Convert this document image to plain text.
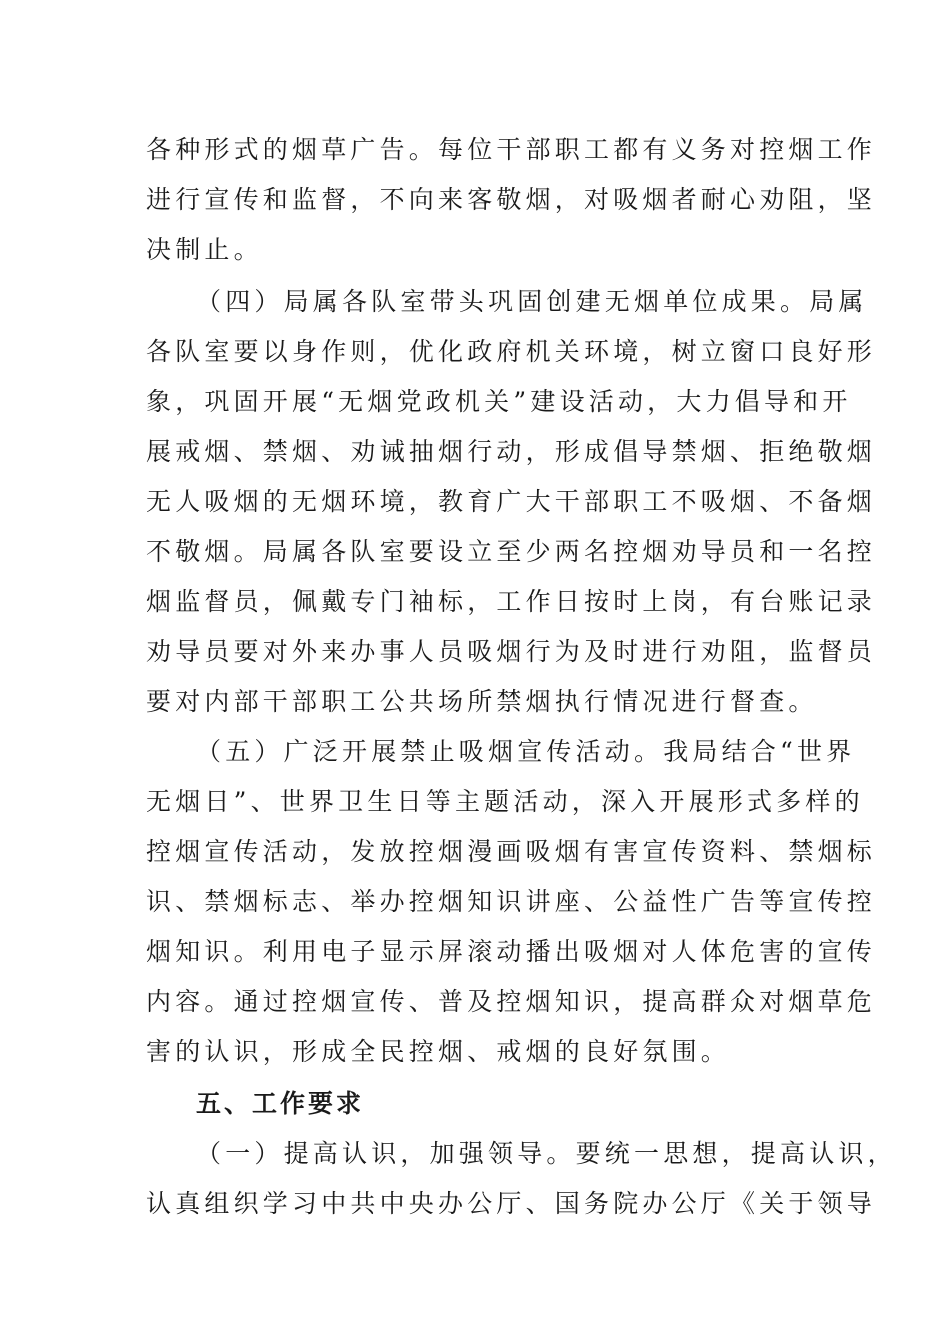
各种形式的烟草广告。每位干部职工都有义务对控烟工作
进行宣传和监督，不向来客敬烟，对吸烟者耐心劝阻，坚
决制止。
（四）局属各队室带头巩固创建无烟单位成果。局属
各队室要以身作则，优化政府机关环境，树立窗口良好形
象，巩固开展“无烟党政机关”建设活动，大力倡导和开
展戒烟、禁烟、劝诫抽烟行动，形成倡导禁烟、拒绝敬烟
无人吸烟的无烟环境，教育广大干部职工不吸烟、不备烟
不敬烟。局属各队室要设立至少两名控烟劝导员和一名控
烟监督员，佩戴专门袖标，工作日按时上岗，有台账记录
劝导员要对外来办事人员吸烟行为及时进行劝阻，监督员
要对内部干部职工公共场所禁烟执行情况进行督查。
（五）广泛开展禁止吸烟宣传活动。我局结合“世界
无烟日”、世界卫生日等主题活动，深入开展形式多样的
控烟宣传活动，发放控烟漫画吸烟有害宣传资料、禁烟标
识、禁烟标志、举办控烟知识讲座、公益性广告等宣传控
烟知识。利用电子显示屏滚动播出吸烟对人体危害的宣传
内容。通过控烟宣传、普及控烟知识，提高群众对烟草危
害的认识，形成全民控烟、戒烟的良好氛围。
五、工作要求
（一）提高认识，加强领导。要统一思想，提高认识，
认真组织学习中共中央办公厅、国务院办公厅《关于领导
